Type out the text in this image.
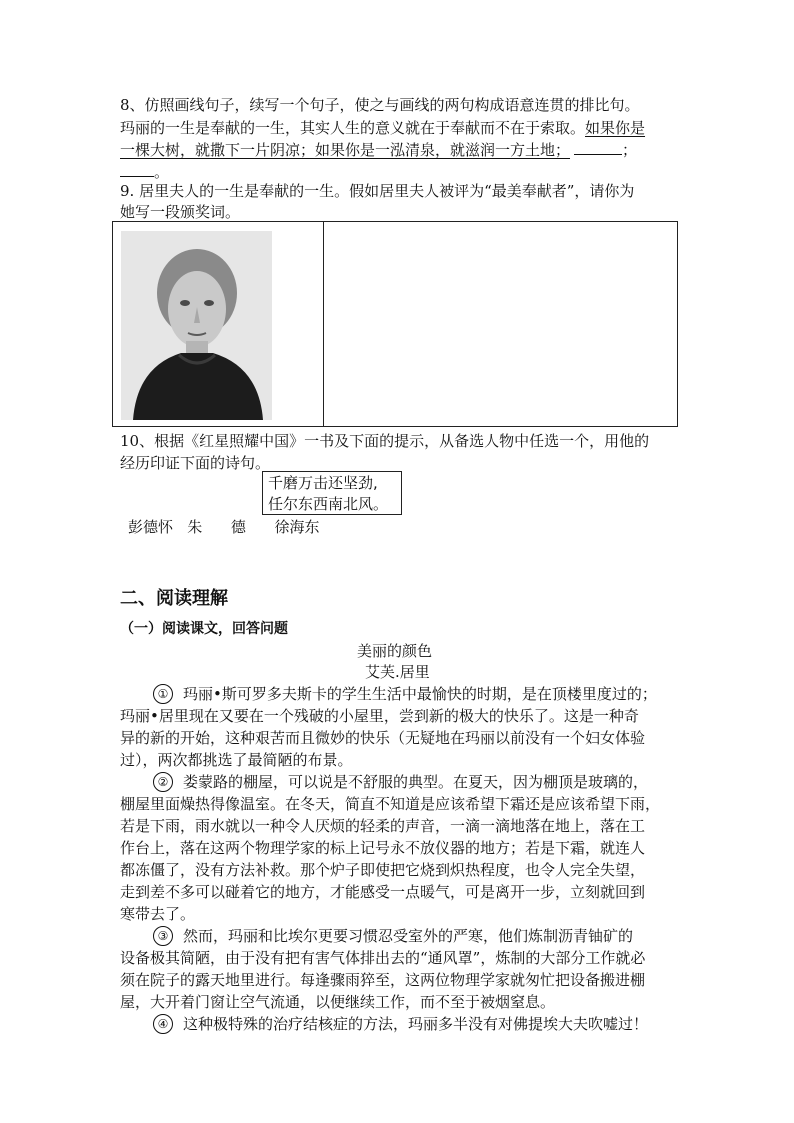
8、仿照画线句子，续写一个句子，使之与画线的两句构成语意连贯的排比句。
玛丽的一生是奉献的一生，其实人生的意义就在于奉献而不在于索取。如果你是
一棵大树，就撒下一片阴凉；如果你是一泓清泉，就滋润一方土地；	；
。
9. 居里夫人的一生是奉献的一生。假如居里夫人被评为“最美奉献者”，请你为
她写一段颁奖词。
10、根据《红星照耀中国》一书及下面的提示，从备选人物中任选一个，用他的
经历印证下面的诗句。
千磨万击还坚劲,
任尔东西南北风。
彭德怀   朱      德      徐海东
二、阅读理解
（一）阅读课文，回答问题
美丽的颜色
艾芙.居里
① 玛丽•斯可罗多夫斯卡的学生生活中最愉快的时期，是在顶楼里度过的；
玛丽•居里现在又要在一个残破的小屋里，尝到新的极大的快乐了。这是一种奇
异的新的开始，这种艰苦而且微妙的快乐（无疑地在玛丽以前没有一个妇女体验
过），两次都挑选了最简陋的布景。
② 娄蒙路的棚屋，可以说是不舒服的典型。在夏天，因为棚顶是玻璃的，
棚屋里面燥热得像温室。在冬天，简直不知道是应该希望下霜还是应该希望下雨，
若是下雨，雨水就以一种令人厌烦的轻柔的声音，一滴一滴地落在地上，落在工
作台上，落在这两个物理学家的标上记号永不放仪器的地方；若是下霜，就连人
都冻僵了，没有方法补救。那个炉子即使把它烧到炽热程度，也令人完全失望，
走到差不多可以碰着它的地方，才能感受一点暖气，可是离开一步，立刻就回到
寒带去了。
③ 然而，玛丽和比埃尔更要习惯忍受室外的严寒，他们炼制沥青铀矿的
设备极其简陋，由于没有把有害气体排出去的“通风罩”，炼制的大部分工作就必
须在院子的露天地里进行。每逢骤雨猝至，这两位物理学家就匆忙把设备搬进棚
屋，大开着门窗让空气流通，以便继续工作，而不至于被烟窒息。
④ 这种极特殊的治疗结核症的方法，玛丽多半没有对佛提埃大夫吹嘘过！
